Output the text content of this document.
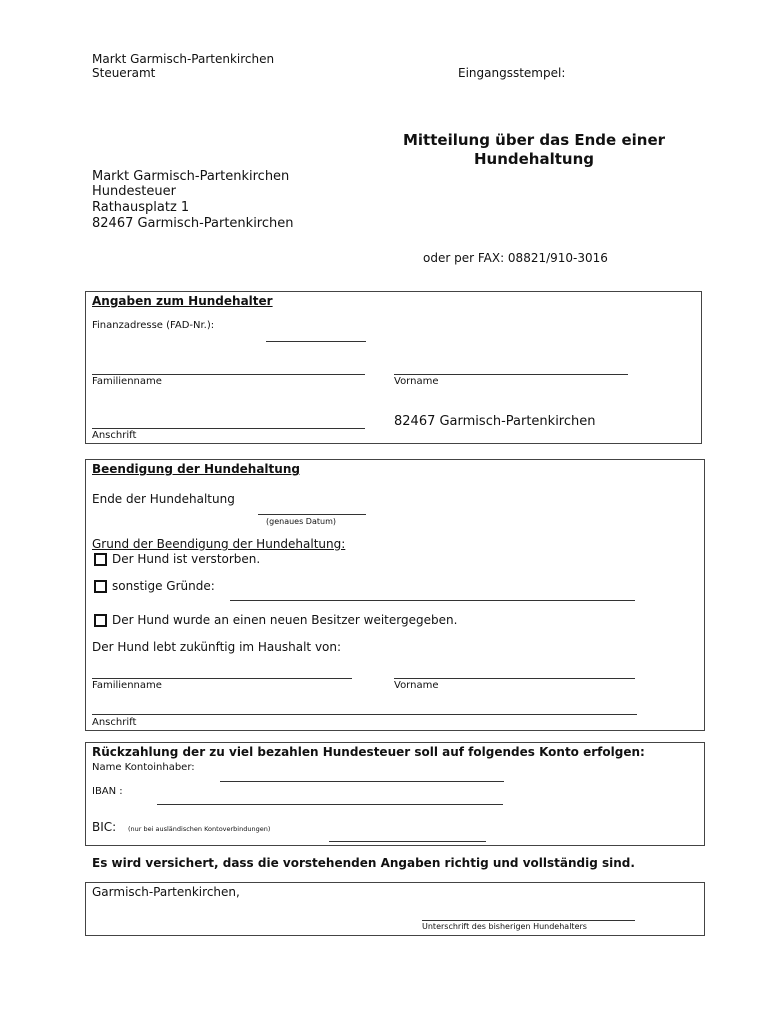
Markt Garmisch-Partenkirchen
Steueramt	Eingangsstempel:
Mitteilung über das Ende einer
Hundehaltung
Markt Garmisch-Partenkirchen
Hundesteuer
Rathausplatz 1
82467 Garmisch-Partenkirchen
oder per FAX: 08821/910-3016
Angaben zum Hundehalter
Finanzadresse (FAD-Nr.):
Familienname	Vorname
82467 Garmisch-Partenkirchen
Anschrift
Beendigung der Hundehaltung
Ende der Hundehaltung
(genaues Datum)
Grund der Beendigung der Hundehaltung:
Der Hund ist verstorben.
sonstige Gründe:
Der Hund wurde an einen neuen Besitzer weitergegeben.
Der Hund lebt zukünftig im Haushalt von:
Familienname	Vorname
Anschrift
Rückzahlung der zu viel bezahlen Hundesteuer soll auf folgendes Konto erfolgen:
Name Kontoinhaber:
IBAN :
BIC: (nur bei ausländischen Kontoverbindungen)
Es wird versichert, dass die vorstehenden Angaben richtig und vollständig sind.
Garmisch-Partenkirchen,
Unterschrift des bisherigen Hundehalters
